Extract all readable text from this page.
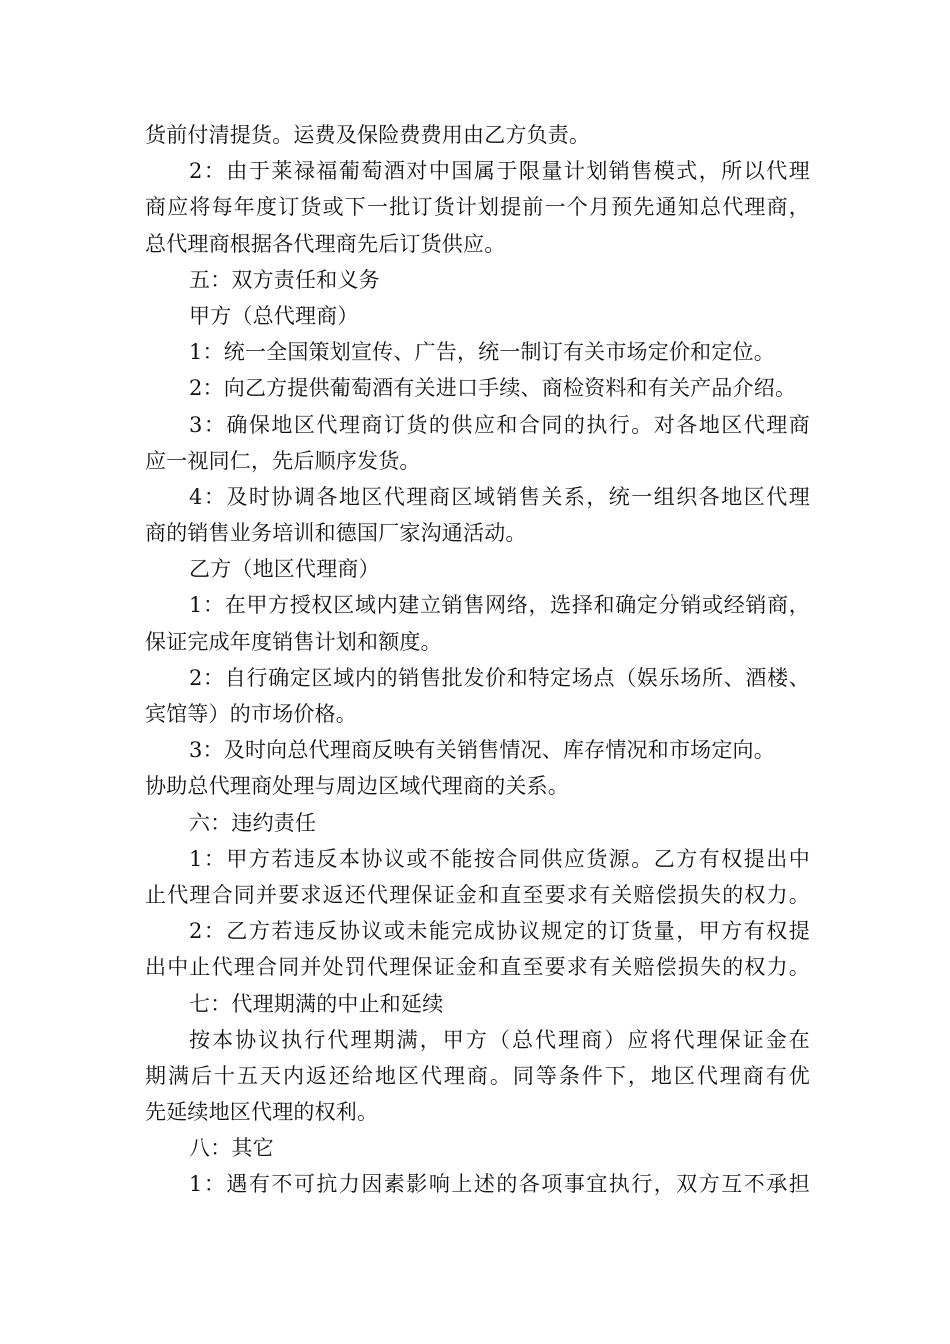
货前付清提货。运费及保险费费用由乙方负责。
2：由于莱禄福葡萄酒对中国属于限量计划销售模式，所以代理
商应将每年度订货或下一批订货计划提前一个月预先通知总代理商，
总代理商根据各代理商先后订货供应。
五：双方责任和义务
甲方（总代理商）
1：统一全国策划宣传、广告，统一制订有关市场定价和定位。
2：向乙方提供葡萄酒有关进口手续、商检资料和有关产品介绍。
3：确保地区代理商订货的供应和合同的执行。对各地区代理商
应一视同仁，先后顺序发货。
4：及时协调各地区代理商区域销售关系，统一组织各地区代理
商的销售业务培训和德国厂家沟通活动。
乙方（地区代理商）
1：在甲方授权区域内建立销售网络，选择和确定分销或经销商，
保证完成年度销售计划和额度。
2：自行确定区域内的销售批发价和特定场点（娱乐场所、酒楼、
宾馆等）的市场价格。
3：及时向总代理商反映有关销售情况、库存情况和市场定向。
协助总代理商处理与周边区域代理商的关系。
六：违约责任
1：甲方若违反本协议或不能按合同供应货源。乙方有权提出中
止代理合同并要求返还代理保证金和直至要求有关赔偿损失的权力。
2：乙方若违反协议或未能完成协议规定的订货量，甲方有权提
出中止代理合同并处罚代理保证金和直至要求有关赔偿损失的权力。
七：代理期满的中止和延续
按本协议执行代理期满，甲方（总代理商）应将代理保证金在
期满后十五天内返还给地区代理商。同等条件下，地区代理商有优
先延续地区代理的权利。
八：其它
1：遇有不可抗力因素影响上述的各项事宜执行，双方互不承担
